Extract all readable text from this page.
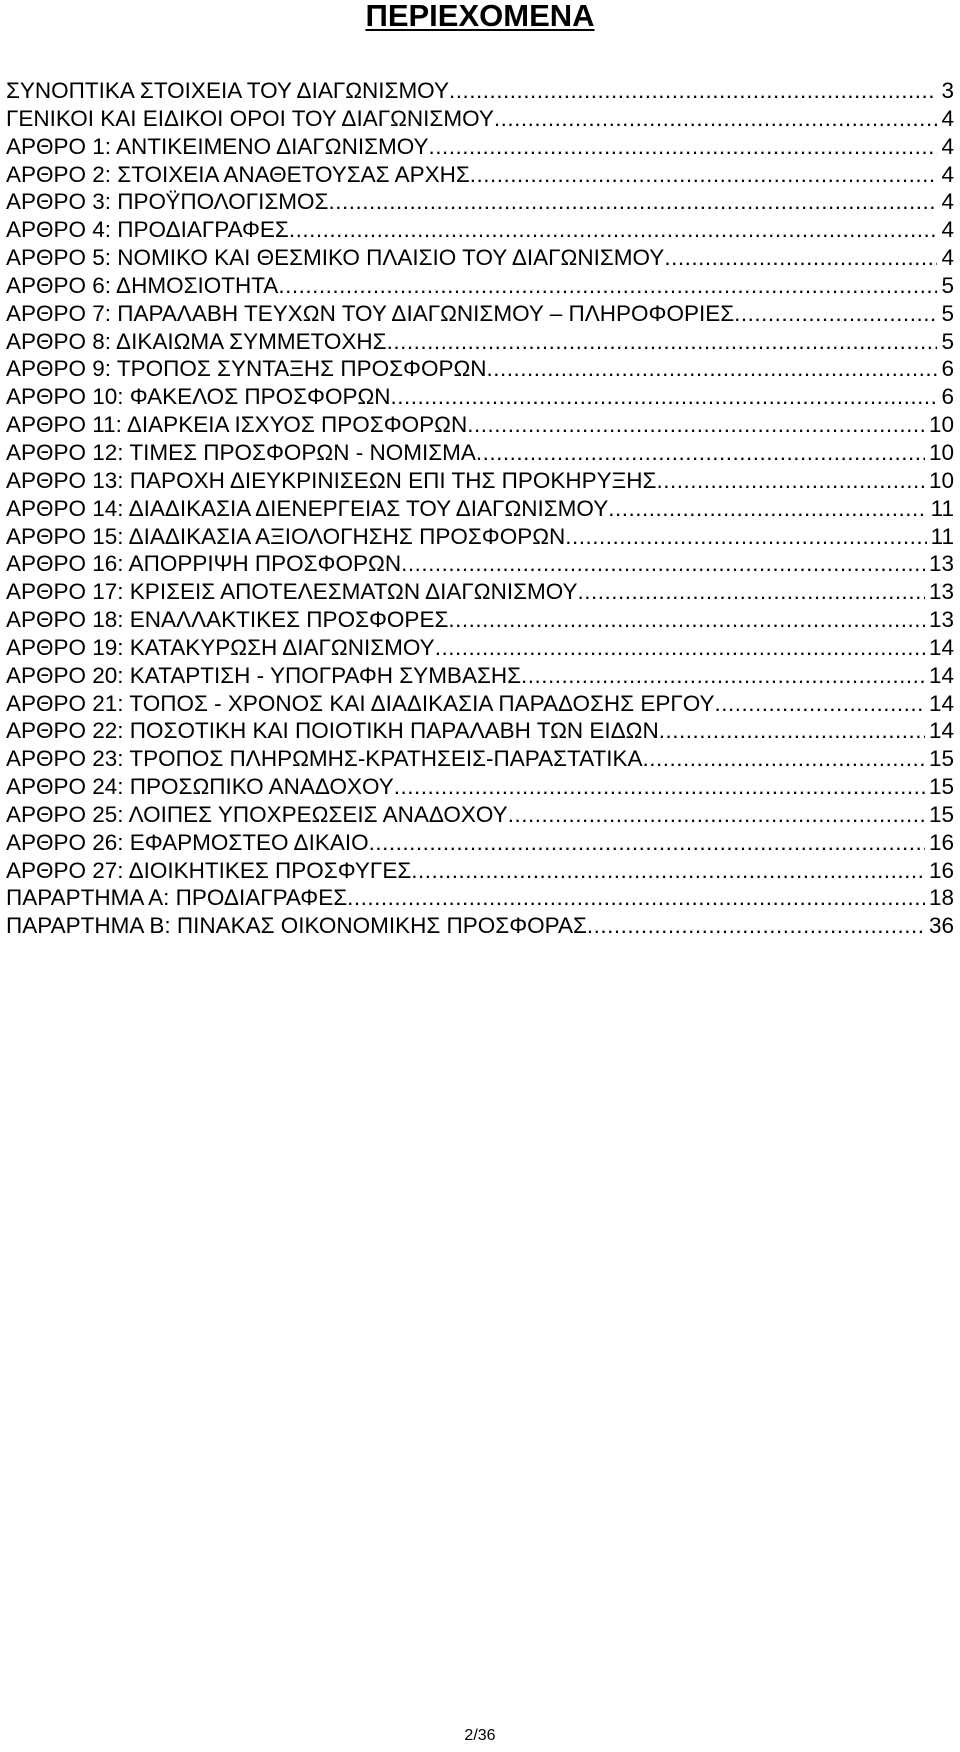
ΠΕΡΙΕΧΟΜΕΝΑ
ΣΥΝΟΠΤΙΚΑ ΣΤΟΙΧΕΙΑ ΤΟΥ ΔΙΑΓΩΝΙΣΜΟΥ .....	3
ΓΕΝΙΚΟΙ ΚΑΙ ΕΙΔΙΚΟΙ ΟΡΟΙ ΤΟΥ ΔΙΑΓΩΝΙΣΜΟΥ .....	4
ΑΡΘΡΟ 1: ΑΝΤΙΚΕΙΜΕΝΟ ΔΙΑΓΩΝΙΣΜΟΥ .....	4
ΑΡΘΡΟ 2: ΣΤΟΙΧΕΙΑ ΑΝΑΘΕΤΟΥΣΑΣ ΑΡΧΗΣ .....	4
ΑΡΘΡΟ 3: ΠΡΟΫΠΟΛΟΓΙΣΜΟΣ .....	4
ΑΡΘΡΟ 4: ΠΡΟΔΙΑΓΡΑΦΕΣ .....	4
ΑΡΘΡΟ 5: ΝΟΜΙΚΟ ΚΑΙ ΘΕΣΜΙΚΟ ΠΛΑΙΣΙΟ ΤΟΥ ΔΙΑΓΩΝΙΣΜΟΥ .....	4
ΑΡΘΡΟ 6: ΔΗΜΟΣΙΟΤΗΤΑ .....	5
ΑΡΘΡΟ 7: ΠΑΡΑΛΑΒΗ ΤΕΥΧΩΝ ΤΟΥ ΔΙΑΓΩΝΙΣΜΟΥ – ΠΛΗΡΟΦΟΡΙΕΣ .....	5
ΑΡΘΡΟ 8: ΔΙΚΑΙΩΜΑ ΣΥΜΜΕΤΟΧΗΣ .....	5
ΑΡΘΡΟ 9: ΤΡΟΠΟΣ ΣΥΝΤΑΞΗΣ ΠΡΟΣΦΟΡΩΝ .....	6
ΑΡΘΡΟ 10: ΦΑΚΕΛΟΣ ΠΡΟΣΦΟΡΩΝ .....	6
ΑΡΘΡΟ 11: ΔΙΑΡΚΕΙΑ ΙΣΧΥΟΣ ΠΡΟΣΦΟΡΩΝ .....	10
ΑΡΘΡΟ 12: ΤΙΜΕΣ ΠΡΟΣΦΟΡΩΝ - ΝΟΜΙΣΜΑ .....	10
ΑΡΘΡΟ 13: ΠΑΡΟΧΗ ΔΙΕΥΚΡΙΝΙΣΕΩΝ ΕΠΙ ΤΗΣ ΠΡΟΚΗΡΥΞΗΣ .....	10
ΑΡΘΡΟ 14: ΔΙΑΔΙΚΑΣΙΑ ΔΙΕΝΕΡΓΕΙΑΣ ΤΟΥ ΔΙΑΓΩΝΙΣΜΟΥ .....	11
ΑΡΘΡΟ 15: ΔΙΑΔΙΚΑΣΙΑ ΑΞΙΟΛΟΓΗΣΗΣ ΠΡΟΣΦΟΡΩΝ .....	11
ΑΡΘΡΟ 16: ΑΠΟΡΡΙΨΗ ΠΡΟΣΦΟΡΩΝ .....	13
ΑΡΘΡΟ 17: ΚΡΙΣΕΙΣ ΑΠΟΤΕΛΕΣΜΑΤΩΝ ΔΙΑΓΩΝΙΣΜΟΥ .....	13
ΑΡΘΡΟ 18: ΕΝΑΛΛΑΚΤΙΚΕΣ ΠΡΟΣΦΟΡΕΣ .....	13
ΑΡΘΡΟ 19: ΚΑΤΑΚΥΡΩΣΗ ΔΙΑΓΩΝΙΣΜΟΥ .....	14
ΑΡΘΡΟ 20: ΚΑΤΑΡΤΙΣΗ - ΥΠΟΓΡΑΦΗ ΣΥΜΒΑΣΗΣ .....	14
ΑΡΘΡΟ 21: ΤΟΠΟΣ - ΧΡΟΝΟΣ ΚΑΙ ΔΙΑΔΙΚΑΣΙΑ ΠΑΡΑΔΟΣΗΣ ΕΡΓΟΥ .....	14
ΑΡΘΡΟ 22: ΠΟΣΟΤΙΚΗ ΚΑΙ ΠΟΙΟΤΙΚΗ ΠΑΡΑΛΑΒΗ ΤΩΝ ΕΙΔΩΝ .....	14
ΑΡΘΡΟ 23: ΤΡΟΠΟΣ ΠΛΗΡΩΜΗΣ-ΚΡΑΤΗΣΕΙΣ-ΠΑΡΑΣΤΑΤΙΚΑ .....	15
ΑΡΘΡΟ 24: ΠΡΟΣΩΠΙΚΟ ΑΝΑΔΟΧΟΥ .....	15
ΑΡΘΡΟ 25: ΛΟΙΠΕΣ ΥΠΟΧΡΕΩΣΕΙΣ ΑΝΑΔΟΧΟΥ .....	15
ΑΡΘΡΟ 26: ΕΦΑΡΜΟΣΤΕΟ ΔΙΚΑΙΟ .....	16
ΑΡΘΡΟ 27: ΔΙΟΙΚΗΤΙΚΕΣ ΠΡΟΣΦΥΓΕΣ .....	16
ΠΑΡΑΡΤΗΜΑ Α: ΠΡΟΔΙΑΓΡΑΦΕΣ .....	18
ΠΑΡΑΡΤΗΜΑ Β: ΠΙΝΑΚΑΣ ΟΙΚΟΝΟΜΙΚΗΣ ΠΡΟΣΦΟΡΑΣ .....	36
2/36
